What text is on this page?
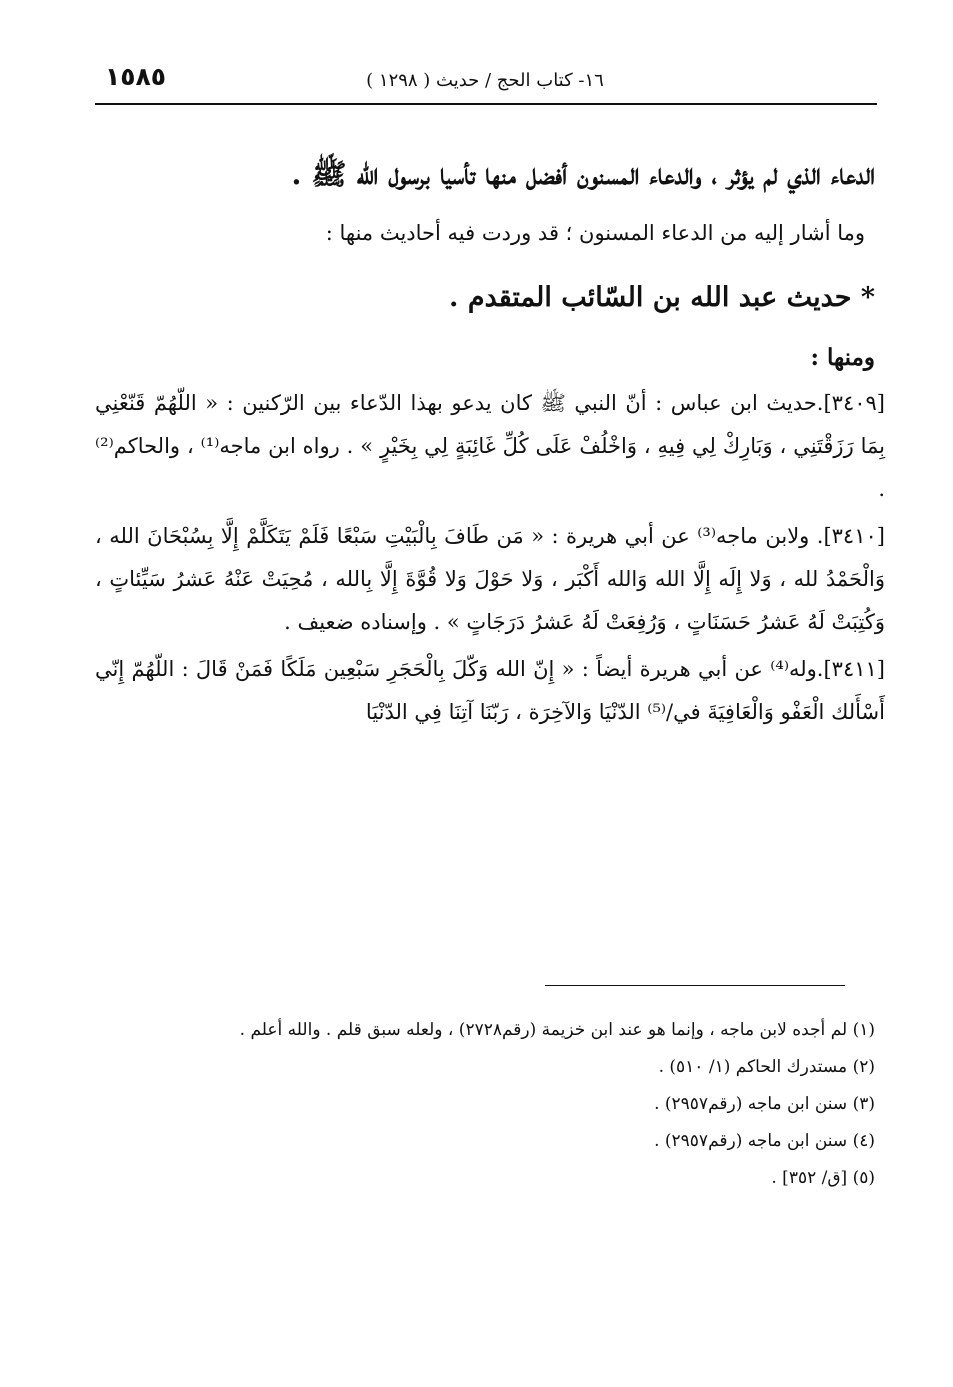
١٥٨٥	١٦- كتاب الحج / حديث ( ١٢٩٨ )

الدعاء الذي لم يؤثر ، والدعاء المسنون أفضل منها تأسيا برسول الله ﷺ .

وما أشار إليه من الدعاء المسنون ؛ قد وردت فيه أحاديث منها :

* حديث عبد الله بن السّائب المتقدم .

ومنها :

[٣٤٠٩].حديث ابن عباس : أنّ النبي ﷺ كان يدعو بهذا الدّعاء بين الرّكنين : « اللّهُمّ قَنّعْنِي بِمَا رَزَقْتَنِي ، وَبَارِكْ لِي فِيهِ ، وَاخْلُفْ عَلَى كُلِّ غَائِبَةٍ لِي بِخَيْرٍ » . رواه ابن ماجه⁽¹⁾ ، والحاكم⁽²⁾ .

[٣٤١٠]. ولابن ماجه⁽³⁾ عن أبي هريرة : « مَن طَافَ بِالْبَيْتِ سَبْعًا فَلَمْ يَتَكَلَّمْ إِلَّا بِسُبْحَانَ الله ، وَالْحَمْدُ لله ، وَلا إِلَه إِلَّا الله وَالله أَكْبَر ، وَلا حَوْلَ وَلا قُوَّةَ إِلَّا بِالله ، مُحِيَتْ عَنْهُ عَشرُ سَيِّئاتٍ ، وَكُتِبَتْ لَهُ عَشرُ حَسَنَاتٍ ، وَرُفِعَتْ لَهُ عَشرُ دَرَجَاتٍ » . وإسناده ضعيف .

[٣٤١١].وله⁽⁴⁾ عن أبي هريرة أيضاً : « إِنّ الله وَكّلَ بِالْحَجَرِ سَبْعِين مَلَكًا فَمَنْ قَالَ : اللّهُمّ إِنّي أَسْأَلك الْعَفْو وَالْعَافِيَةَ في/⁽⁵⁾ الدّنْيَا وَالآخِرَة ، رَبّنَا آتِنَا فِي الدّنْيَا

(١) لم أجده لابن ماجه ، وإنما هو عند ابن خزيمة (رقم٢٧٢٨) ، ولعله سبق قلم . والله أعلم .

(٢) مستدرك الحاكم (١/ ٥١٠) .

(٣) سنن ابن ماجه (رقم٢٩٥٧) .

(٤) سنن ابن ماجه (رقم٢٩٥٧) .

(٥) [ق/ ٣٥٢] .
